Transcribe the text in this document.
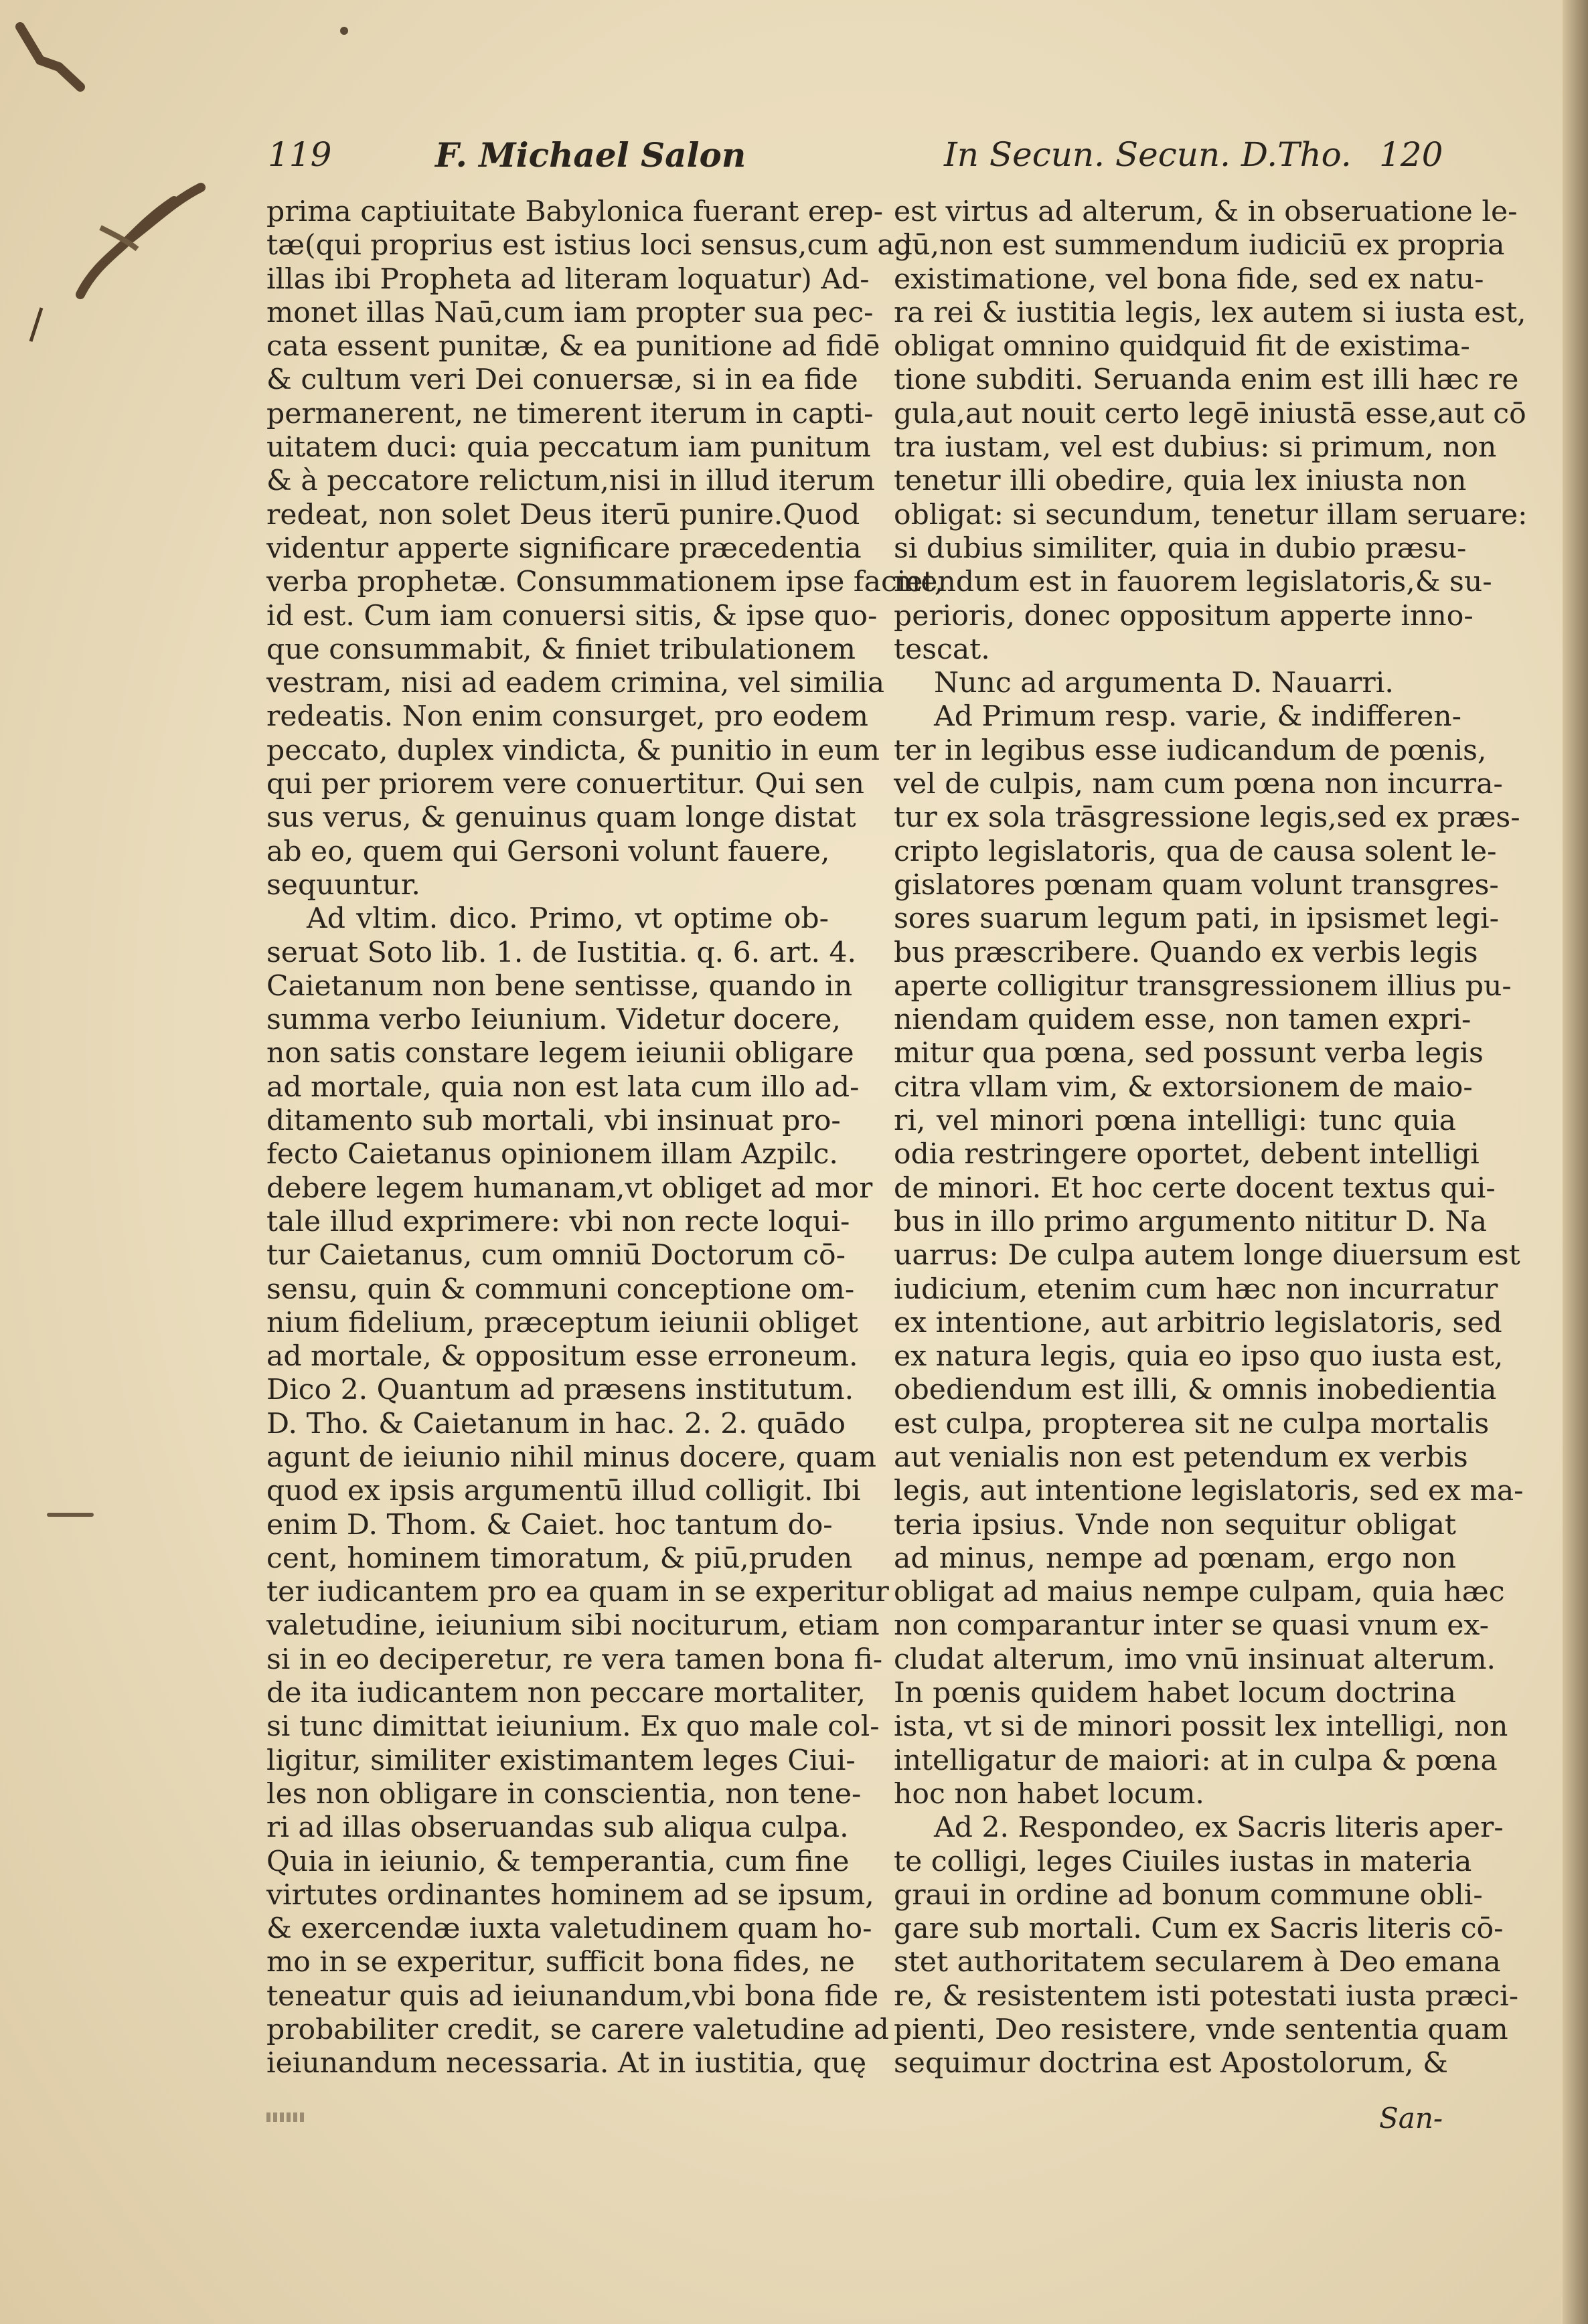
119	F. Michael Salon	In Secun. Secun. D.Tho. 120
prima captiuitate Babylonica fuerant erep-
tæ(qui proprius est istius loci sensus,cum ad
illas ibi Propheta ad literam loquatur) Ad-
monet illas Naū,cum iam propter sua pec-
cata essent punitæ, & ea punitione ad fidē
& cultum veri Dei conuersæ, si in ea fide
permanerent, ne timerent iterum in capti-
uitatem duci: quia peccatum iam punitum
& à peccatore relictum,nisi in illud iterum
redeat, non solet Deus iterū punire.Quod
videntur apperte significare præcedentia
verba prophetæ. Consummationem ipse faciet,
id est. Cum iam conuersi sitis, & ipse quo-
que consummabit, & finiet tribulationem
vestram, nisi ad eadem crimina, vel similia
redeatis. Non enim consurget, pro eodem
peccato, duplex vindicta, & punitio in eum
qui per priorem vere conuertitur. Qui sen
sus verus, & genuinus quam longe distat
ab eo, quem qui Gersoni volunt fauere,
sequuntur.
Ad vltim. dico. Primo, vt optime ob-
seruat Soto lib. 1. de Iustitia. q. 6. art. 4.
Caietanum non bene sentisse, quando in
summa verbo Ieiunium. Videtur docere,
non satis constare legem ieiunii obligare
ad mortale, quia non est lata cum illo ad-
ditamento sub mortali, vbi insinuat pro-
fecto Caietanus opinionem illam Azpilc.
debere legem humanam,vt obliget ad mor
tale illud exprimere: vbi non recte loqui-
tur Caietanus, cum omniū Doctorum cō-
sensu, quin & communi conceptione om-
nium fidelium, præceptum ieiunii obliget
ad mortale, & oppositum esse erroneum.
Dico 2. Quantum ad præsens institutum.
D. Tho. & Caietanum in hac. 2. 2. quādo
agunt de ieiunio nihil minus docere, quam
quod ex ipsis argumentū illud colligit. Ibi
enim D. Thom. & Caiet. hoc tantum do-
cent, hominem timoratum, & piū,pruden
ter iudicantem pro ea quam in se experitur
valetudine, ieiunium sibi nociturum, etiam
si in eo deciperetur, re vera tamen bona fi-
de ita iudicantem non peccare mortaliter,
si tunc dimittat ieiunium. Ex quo male col-
ligitur, similiter existimantem leges Ciui-
les non obligare in conscientia, non tene-
ri ad illas obseruandas sub aliqua culpa.
Quia in ieiunio, & temperantia, cum fine
virtutes ordinantes hominem ad se ipsum,
& exercendæ iuxta valetudinem quam ho-
mo in se experitur, sufficit bona fides, ne
teneatur quis ad ieiunandum,vbi bona fide
probabiliter credit, se carere valetudine ad
ieiunandum necessaria. At in iustitia, quę
est virtus ad alterum, & in obseruatione le-
gū,non est summendum iudiciū ex propria
existimatione, vel bona fide, sed ex natu-
ra rei & iustitia legis, lex autem si iusta est,
obligat omnino quidquid fit de existima-
tione subditi. Seruanda enim est illi hæc re
gula,aut nouit certo legē iniustā esse,aut cō
tra iustam, vel est dubius: si primum, non
tenetur illi obedire, quia lex iniusta non
obligat: si secundum, tenetur illam seruare:
si dubius similiter, quia in dubio præsu-
mendum est in fauorem legislatoris,& su-
perioris, donec oppositum apperte inno-
tescat.
Nunc ad argumenta D. Nauarri.
Ad Primum resp. varie, & indifferen-
ter in legibus esse iudicandum de pœnis,
vel de culpis, nam cum pœna non incurra-
tur ex sola trāsgressione legis,sed ex præs-
cripto legislatoris, qua de causa solent le-
gislatores pœnam quam volunt transgres-
sores suarum legum pati, in ipsismet legi-
bus præscribere. Quando ex verbis legis
aperte colligitur transgressionem illius pu-
niendam quidem esse, non tamen expri-
mitur qua pœna, sed possunt verba legis
citra vllam vim, & extorsionem de maio-
ri, vel minori pœna intelligi: tunc quia
odia restringere oportet, debent intelligi
de minori. Et hoc certe docent textus qui-
bus in illo primo argumento nititur D. Na
uarrus: De culpa autem longe diuersum est
iudicium, etenim cum hæc non incurratur
ex intentione, aut arbitrio legislatoris, sed
ex natura legis, quia eo ipso quo iusta est,
obediendum est illi, & omnis inobedientia
est culpa, propterea sit ne culpa mortalis
aut venialis non est petendum ex verbis
legis, aut intentione legislatoris, sed ex ma-
teria ipsius. Vnde non sequitur obligat
ad minus, nempe ad pœnam, ergo non
obligat ad maius nempe culpam, quia hæc
non comparantur inter se quasi vnum ex-
cludat alterum, imo vnū insinuat alterum.
In pœnis quidem habet locum doctrina
ista, vt si de minori possit lex intelligi, non
intelligatur de maiori: at in culpa & pœna
hoc non habet locum.
Ad 2. Respondeo, ex Sacris literis aper-
te colligi, leges Ciuiles iustas in materia
graui in ordine ad bonum commune obli-
gare sub mortali. Cum ex Sacris literis cō-
stet authoritatem secularem à Deo emana
re, & resistentem isti potestati iusta præci-
pienti, Deo resistere, vnde sententia quam
sequimur doctrina est Apostolorum, &
San-
